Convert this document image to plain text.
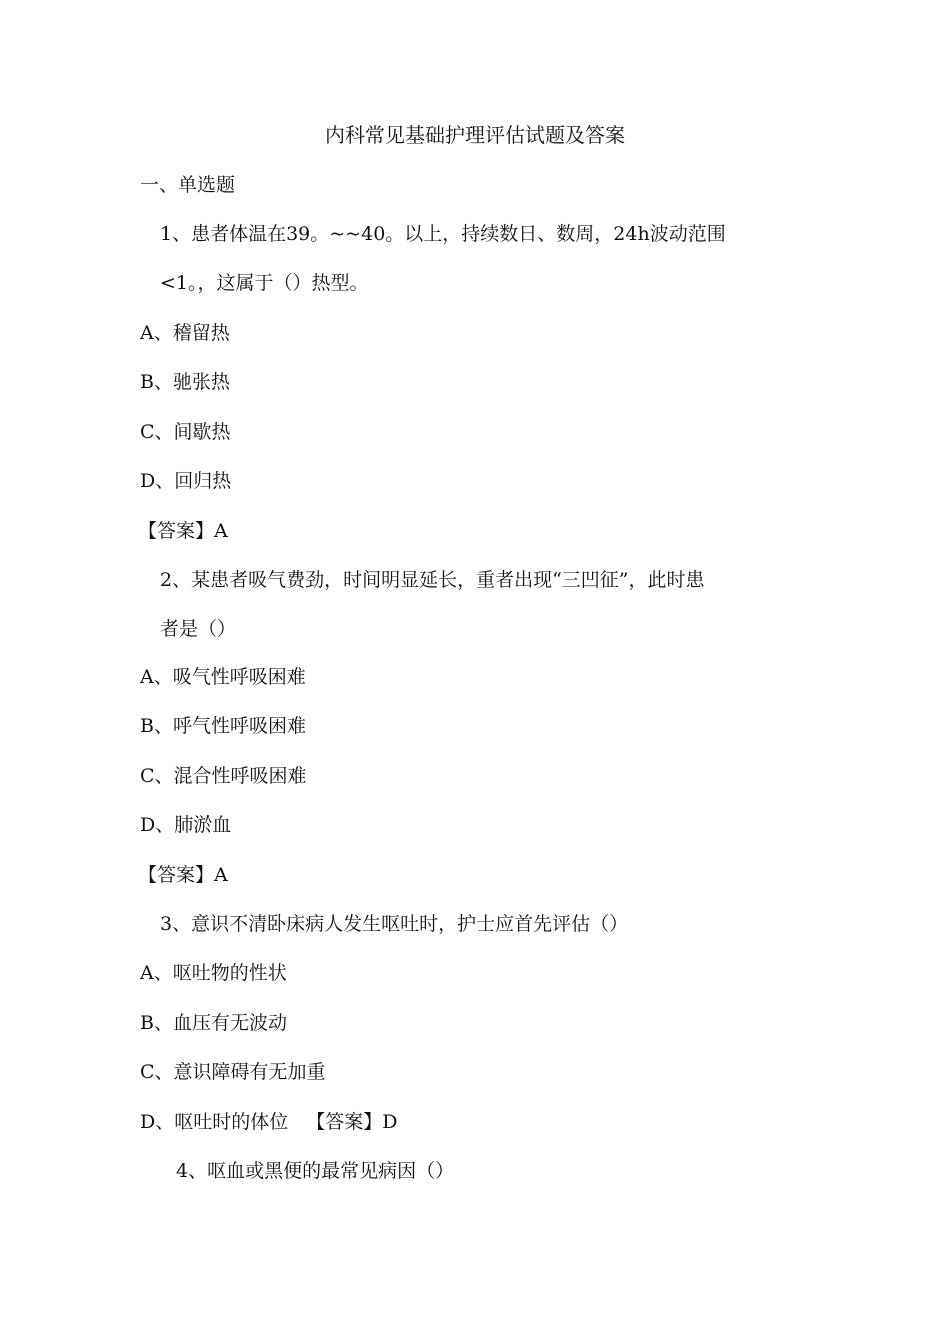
内科常见基础护理评估试题及答案
一、单选题
1、患者体温在39。~~40。以上，持续数日、数周，24h波动范围
<1。，这属于（）热型。
A、稽留热
B、驰张热
C、间歇热
D、回归热
【答案】A
2、某患者吸气费劲，时间明显延长，重者出现“三凹征”，此时患
者是（）
A、吸气性呼吸困难
B、呼气性呼吸困难
C、混合性呼吸困难
D、肺淤血
【答案】A
3、意识不清卧床病人发生呕吐时，护士应首先评估（）
A、呕吐物的性状
B、血压有无波动
C、意识障碍有无加重
D、呕吐时的体位 【答案】D
4、呕血或黑便的最常见病因（）
